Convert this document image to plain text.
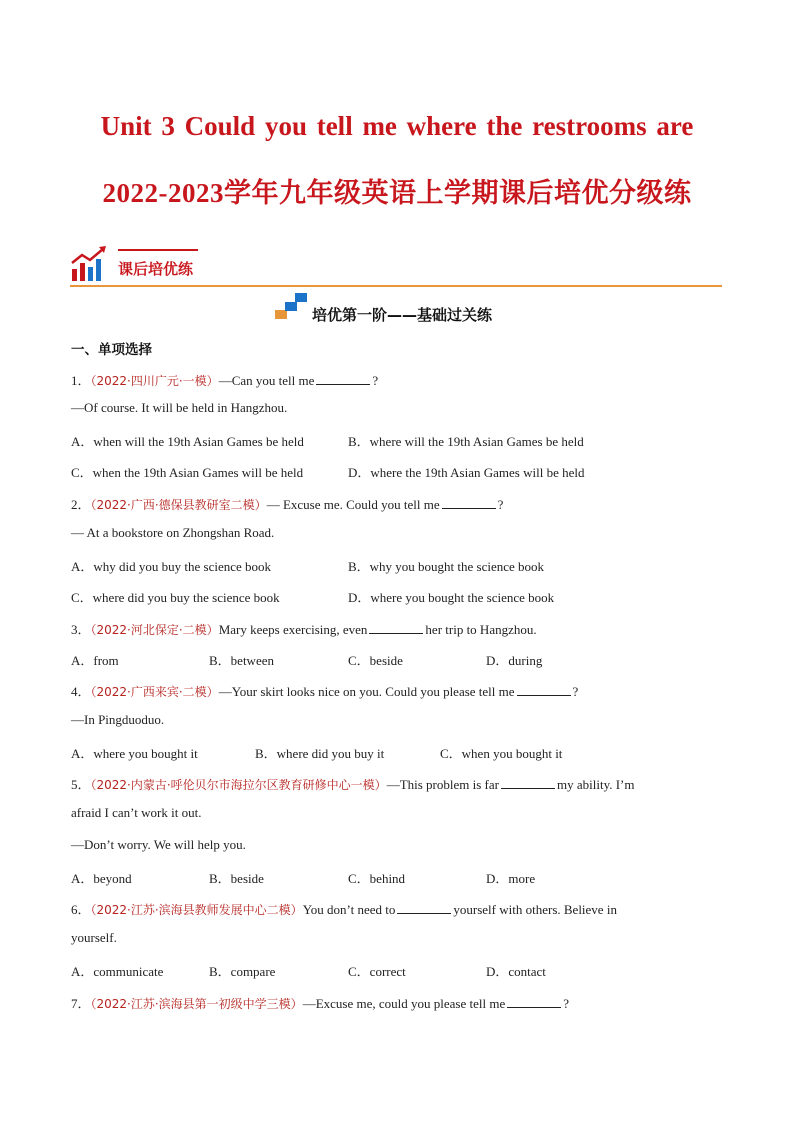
Unit 3 Could you tell me where the restrooms are
2022-2023学年九年级英语上学期课后培优分级练
课后培优练
培优第一阶——基础过关练
一、单项选择
1．（2022·四川广元·一模）—Can you tell me	?
—Of course. It will be held in Hangzhou.
A．when will the 19th Asian Games be held	B．where will the 19th Asian Games be held
C．when the 19th Asian Games will be held	D．where the 19th Asian Games will be held
2．（2022·广西·德保县教研室二模）— Excuse me. Could you tell me	?
— At a bookstore on Zhongshan Road.
A．why did you buy the science book	B．why you bought the science book
C．where did you buy the science book	D．where you bought the science book
3．（2022·河北保定·二模）Mary keeps exercising, even	her trip to Hangzhou.
A．from	B．between	C．beside	D．during
4．（2022·广西来宾·二模）—Your skirt looks nice on you. Could you please tell me	?
—In Pingduoduo.
A．where you bought it	B．where did you buy it	C．when you bought it
5．（2022·内蒙古·呼伦贝尔市海拉尔区教育研修中心一模）—This problem is far	my ability. I’m
afraid I can’t work it out.
—Don’t worry. We will help you.
A．beyond	B．beside	C．behind	D．more
6．（2022·江苏·滨海县教师发展中心二模）You don’t need to	yourself with others. Believe in
yourself.
A．communicate	B．compare	C．correct	D．contact
7．（2022·江苏·滨海县第一初级中学三模）—Excuse me, could you please tell me	?
